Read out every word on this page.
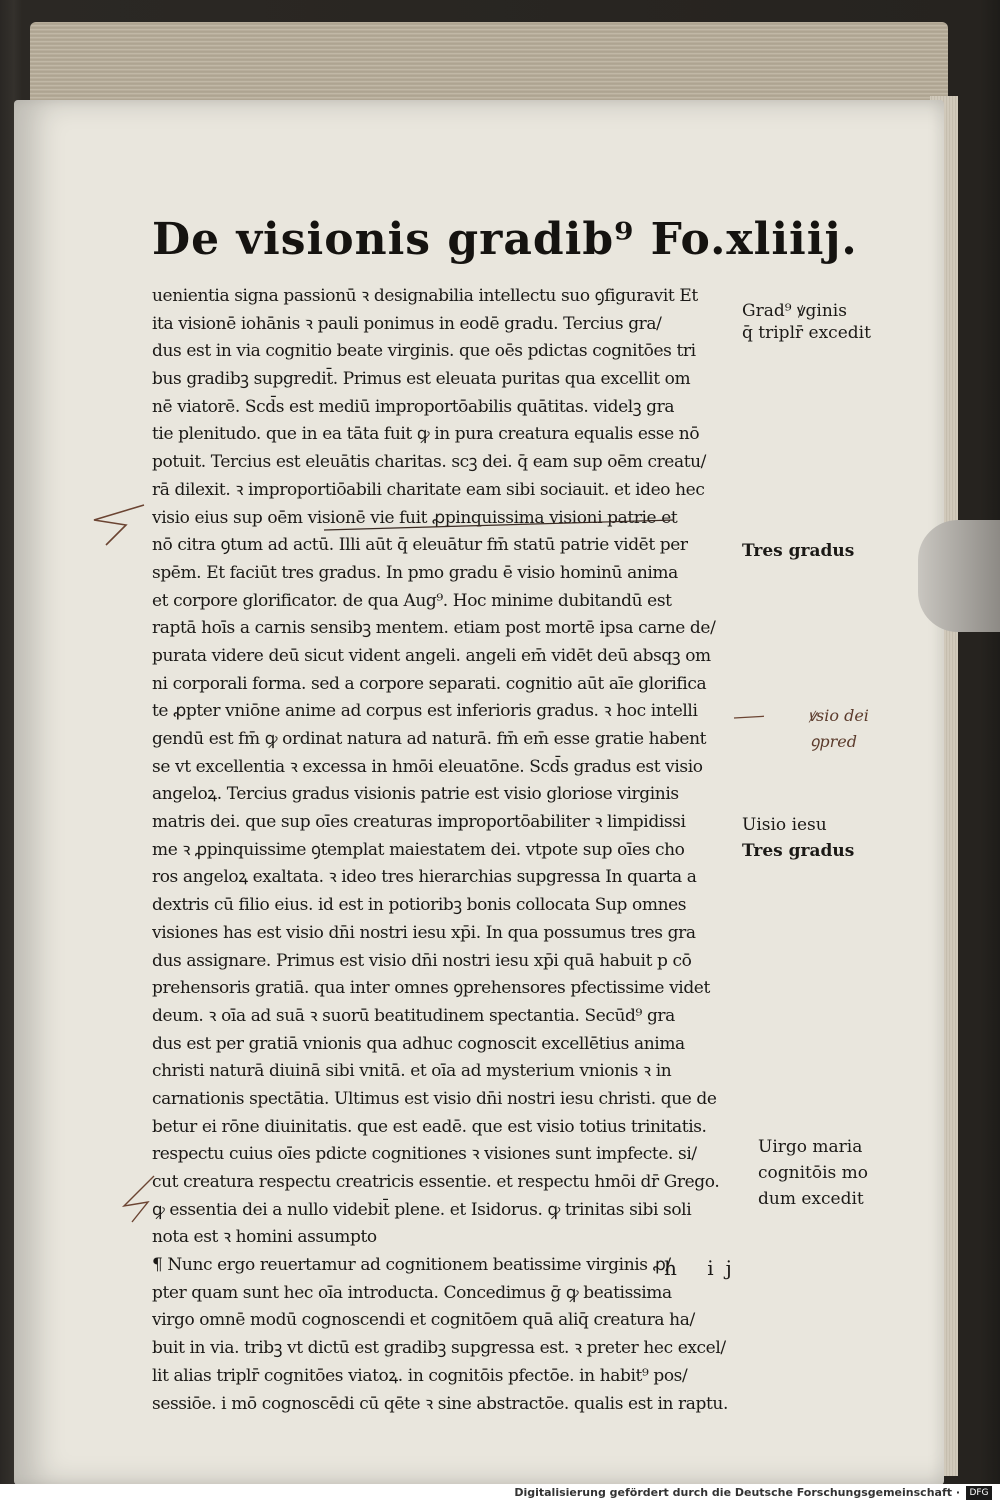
De visionis gradib⁹ Fo.xliiij.
uenientia signa passionū ꝛ designabilia intellectu suo ꝯfiguravit Et
ita visionē iohānis ꝛ pauli ponimus in eodē gradu. Tercius gra/
dus est in via cognitio beate virginis. que oēs pdictas cognitōes tri
bus gradibꝫ supgredit̄. Primus est eleuata puritas qua excellit om
nē viatorē. Scd̄s est mediū improportōabilis quātitas. videlꝫ gra
tie plenitudo. que in ea tāta fuit ꝙ in pura creatura equalis esse nō
potuit. Tercius est eleuātis charitas. scꝫ dei. q̄ eam sup oēm creatu/
rā dilexit. ꝛ improportiōabili charitate eam sibi sociauit. et ideo hec
visio eius sup oēm visionē vie fuit ꝓpinquissima visioni patrie et
nō citra ꝯtum ad actū. Illi aūt q̄ eleuātur fm̄ statū patrie vidēt per
spēm. Et faciūt tres gradus. In pmo gradu ē visio hominū anima
et corpore glorificator. de qua Aug⁹. Hoc minime dubitandū est
raptā hoīs a carnis sensibꝫ mentem. etiam post mortē ipsa carne de/
purata videre deū sicut vident angeli. angeli em̄ vidēt deū absqꝫ om
ni corporali forma. sed a corpore separati. cognitio aūt aīe glorifica
te ꝓpter vniōne anime ad corpus est inferioris gradus. ꝛ hoc intelli
gendū est fm̄ ꝙ ordinat natura ad naturā. fm̄ em̄ esse gratie habent
se vt excellentia ꝛ excessa in hmōi eleuatōne. Scd̄s gradus est visio
angeloꝝ. Tercius gradus visionis patrie est visio gloriose virginis
matris dei. que sup oīes creaturas improportōabiliter ꝛ limpidissi
me ꝛ ꝓpinquissime ꝯtemplat maiestatem dei. vtpote sup oīes cho
ros angeloꝝ exaltata. ꝛ ideo tres hierarchias supgressa In quarta a
dextris cū filio eius. id est in potioribꝫ bonis collocata Sup omnes
visiones has est visio dn̄i nostri iesu xp̄i. In qua possumus tres gra
dus assignare. Primus est visio dn̄i nostri iesu xp̄i quā habuit p cō
prehensoris gratiā. qua inter omnes ꝯprehensores pfectissime videt
deum. ꝛ oīa ad suā ꝛ suorū beatitudinem spectantia. Secūd⁹ gra
dus est per gratiā vnionis qua adhuc cognoscit excellētius anima
christi naturā diuinā sibi vnitā. et oīa ad mysterium vnionis ꝛ in
carnationis spectātia. Ultimus est visio dn̄i nostri iesu christi. que de
betur ei rōne diuinitatis. que est eadē. que est visio totius trinitatis.
respectu cuius oīes pdicte cognitiones ꝛ visiones sunt impfecte. si/
cut creatura respectu creatricis essentie. et respectu hmōi dr̄ Grego.
ꝙ essentia dei a nullo videbit̄ plene. et Isidorus. ꝙ trinitas sibi soli
nota est ꝛ homini assumpto
¶ Nunc ergo reuertamur ad cognitionem beatissime virginis ꝓ/
pter quam sunt hec oīa introducta. Concedimus ḡ ꝙ beatissima
virgo omnē modū cognoscendi et cognitōem quā aliq̄ creatura ha/
buit in via. tribꝫ vt dictū est gradibꝫ supgressa est. ꝛ preter hec excel/
lit alias triplr̄ cognitōes viatoꝝ. in cognitōis pfectōe. in habit⁹ pos/
sessiōe. i mō cognoscēdi cū qēte ꝛ sine abstractōe. qualis est in raptu.
Grad⁹ ꝟginis
q̄ triplr̄ excedit
Tres gradus
Uisio iesu
Tres gradus
Uirgo maria
cognitōis mo
dum excedit
ꝟsio dei
ꝯpred
h ij
Digitalisierung gefördert durch die Deutsche Forschungsgemeinschaft ·	DFG
